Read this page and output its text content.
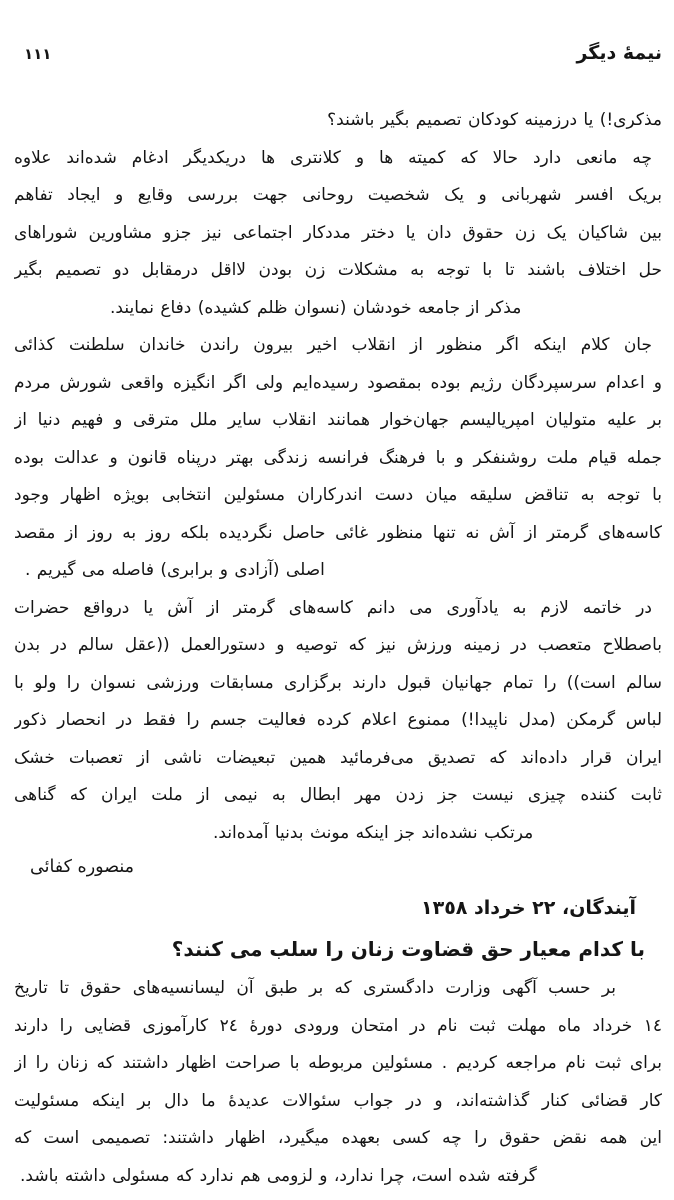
نیمهٔ دیگر
١١١
مذکری!) یا درزمینه کودکان تصمیم بگیر باشند؟
چه مانعی دارد حالا که کمیته ها و کلانتری ها دریکدیگر ادغام شده‌اند علاوه
بریک افسر شهربانی و یک شخصیت روحانی جهت بررسی وقایع و ایجاد تفاهم
بین شاکیان یک زن حقوق دان یا دختر مددکار اجتماعی نیز جزو مشاورین شوراهای
حل اختلاف باشند تا با توجه به مشکلات زن بودن لااقل درمقابل دو تصمیم بگیر
مذکر از جامعه خودشان (نسوان ظلم کشیده) دفاع نمایند.
جان کلام اینکه اگر منظور از انقلاب اخیر بیرون راندن خاندان سلطنت کذائی
و اعدام سرسپردگان رژیم بوده بمقصود رسیده‌ایم ولی اگر انگیزه واقعی شورش مردم
بر علیه متولیان امپریالیسم جهان‌خوار همانند انقلاب سایر ملل مترقی و فهیم دنیا از
جمله قیام ملت روشنفکر و با فرهنگ فرانسه زندگی بهتر درپناه قانون و عدالت بوده
با توجه به تناقض سلیقه میان دست اندرکاران مسئولین انتخابی بویژه اظهار وجود
کاسه‌های گرمتر از آش نه تنها منظور غائی حاصل نگردیده بلکه روز به روز از مقصد
اصلی (آزادی و برابری) فاصله می گیریم .
در خاتمه لازم به یادآوری می دانم کاسه‌های گرمتر از آش یا درواقع حضرات
باصطلاح متعصب در زمینه ورزش نیز که توصیه و دستورالعمل ((عقل سالم در بدن
سالم است)) را تمام جهانیان قبول دارند برگزاری مسابقات ورزشی نسوان را ولو با
لباس گرمکن (مدل ناپیدا!) ممنوع اعلام کرده فعالیت جسم را فقط در انحصار ذکور
ایران قرار داده‌اند که تصدیق می‌فرمائید همین تبعیضات ناشی از تعصبات خشک
ثابت کننده چیزی نیست جز زدن مهر ابطال به نیمی از ملت ایران که گناهی
مرتکب نشده‌اند جز اینکه مونث بدنیا آمده‌اند.
منصوره کفائی
آیندگان، ٢٢ خرداد ١٣٥٨
با کدام معیار حق قضاوت زنان را سلب می کنند؟
بر حسب آگهی وزارت دادگستری که بر طبق آن لیسانسیه‌های حقوق تا تاریخ
١٤ خرداد ماه مهلت ثبت نام در امتحان ورودی دورهٔ ٢٤ کارآموزی قضایی را دارند
برای ثبت نام مراجعه کردیم . مسئولین مربوطه با صراحت اظهار داشتند که زنان را از
کار قضائی کنار گذاشته‌اند، و در جواب سئوالات عدیدهٔ ما دال بر اینکه مسئولیت
این همه نقض حقوق را چه کسی بعهده میگیرد، اظهار داشتند: تصمیمی است که
گرفته شده است، چرا ندارد، و لزومی هم ندارد که مسئولی داشته باشد.
